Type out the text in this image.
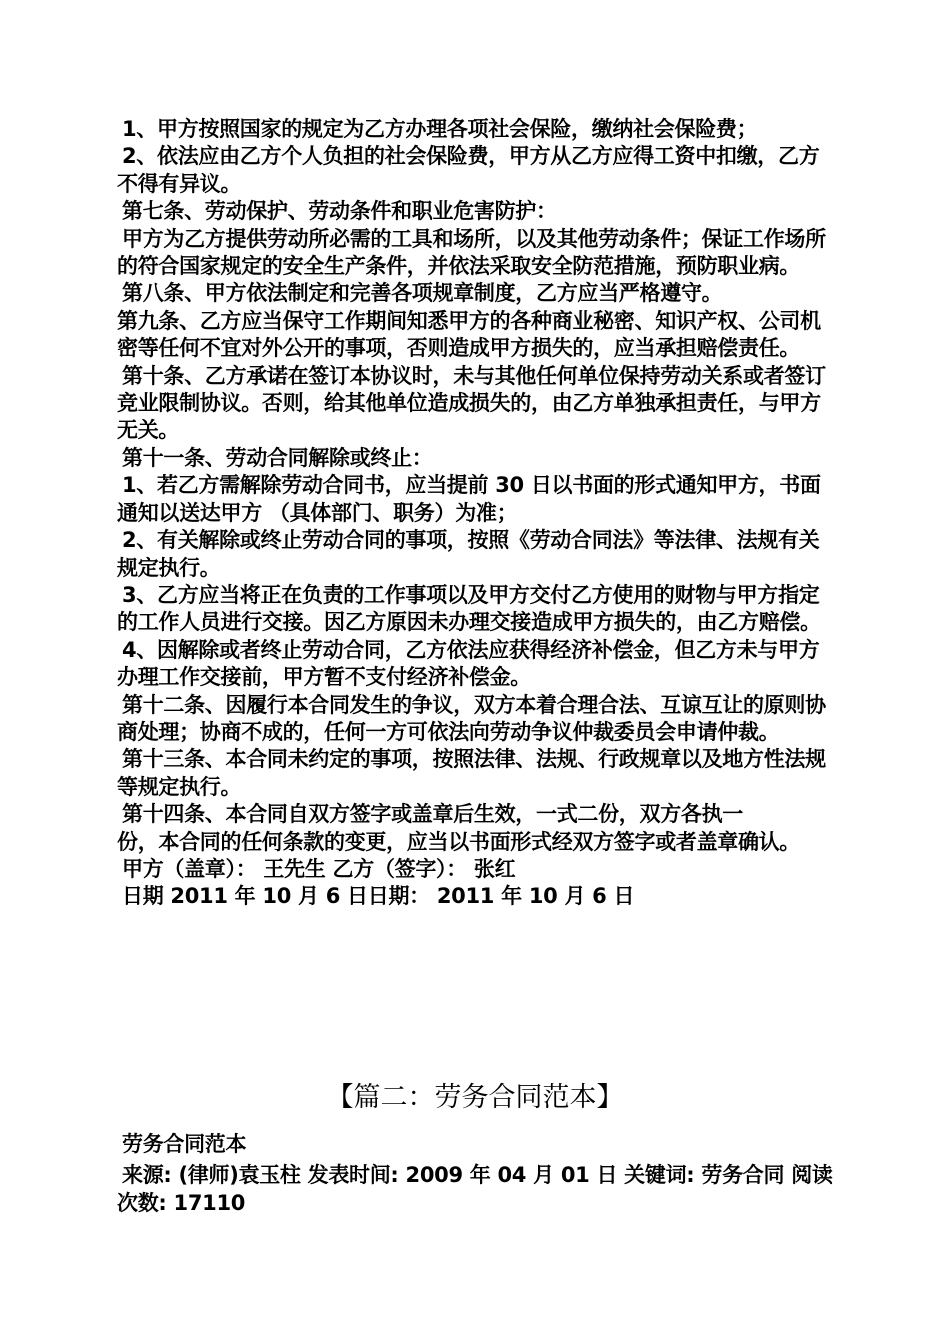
1、甲方按照国家的规定为乙方办理各项社会保险，缴纳社会保险费；

2、依法应由乙方个人负担的社会保险费，甲方从乙方应得工资中扣缴，乙方不得有异议。

第七条、劳动保护、劳动条件和职业危害防护：

甲方为乙方提供劳动所必需的工具和场所，以及其他劳动条件；保证工作场所的符合国家规定的安全生产条件，并依法采取安全防范措施，预防职业病。

第八条、甲方依法制定和完善各项规章制度，乙方应当严格遵守。

第九条、乙方应当保守工作期间知悉甲方的各种商业秘密、知识产权、公司机密等任何不宜对外公开的事项，否则造成甲方损失的，应当承担赔偿责任。

第十条、乙方承诺在签订本协议时，未与其他任何单位保持劳动关系或者签订竞业限制协议。否则，给其他单位造成损失的，由乙方单独承担责任，与甲方无关。

第十一条、劳动合同解除或终止：

1、若乙方需解除劳动合同书，应当提前 30 日以书面的形式通知甲方，书面通知以送达甲方 （具体部门、职务）为准；

2、有关解除或终止劳动合同的事项，按照《劳动合同法》等法律、法规有关规定执行。

3、乙方应当将正在负责的工作事项以及甲方交付乙方使用的财物与甲方指定的工作人员进行交接。因乙方原因未办理交接造成甲方损失的，由乙方赔偿。

4、因解除或者终止劳动合同，乙方依法应获得经济补偿金，但乙方未与甲方办理工作交接前，甲方暂不支付经济补偿金。

第十二条、因履行本合同发生的争议，双方本着合理合法、互谅互让的原则协商处理；协商不成的，任何一方可依法向劳动争议仲裁委员会申请仲裁。

第十三条、本合同未约定的事项，按照法律、法规、行政规章以及地方性法规等规定执行。

第十四条、本合同自双方签字或盖章后生效，一式二份，双方各执一

份，本合同的任何条款的变更，应当以书面形式经双方签字或者盖章确认。

甲方（盖章）： 王先生 乙方（签字）： 张红

日期 2011 年 10 月 6 日日期： 2011 年 10 月 6 日

【篇二：劳务合同范本】

劳务合同范本

来源: (律师)袁玉柱 发表时间: 2009 年 04 月 01 日 关键词: 劳务合同 阅读次数: 17110
